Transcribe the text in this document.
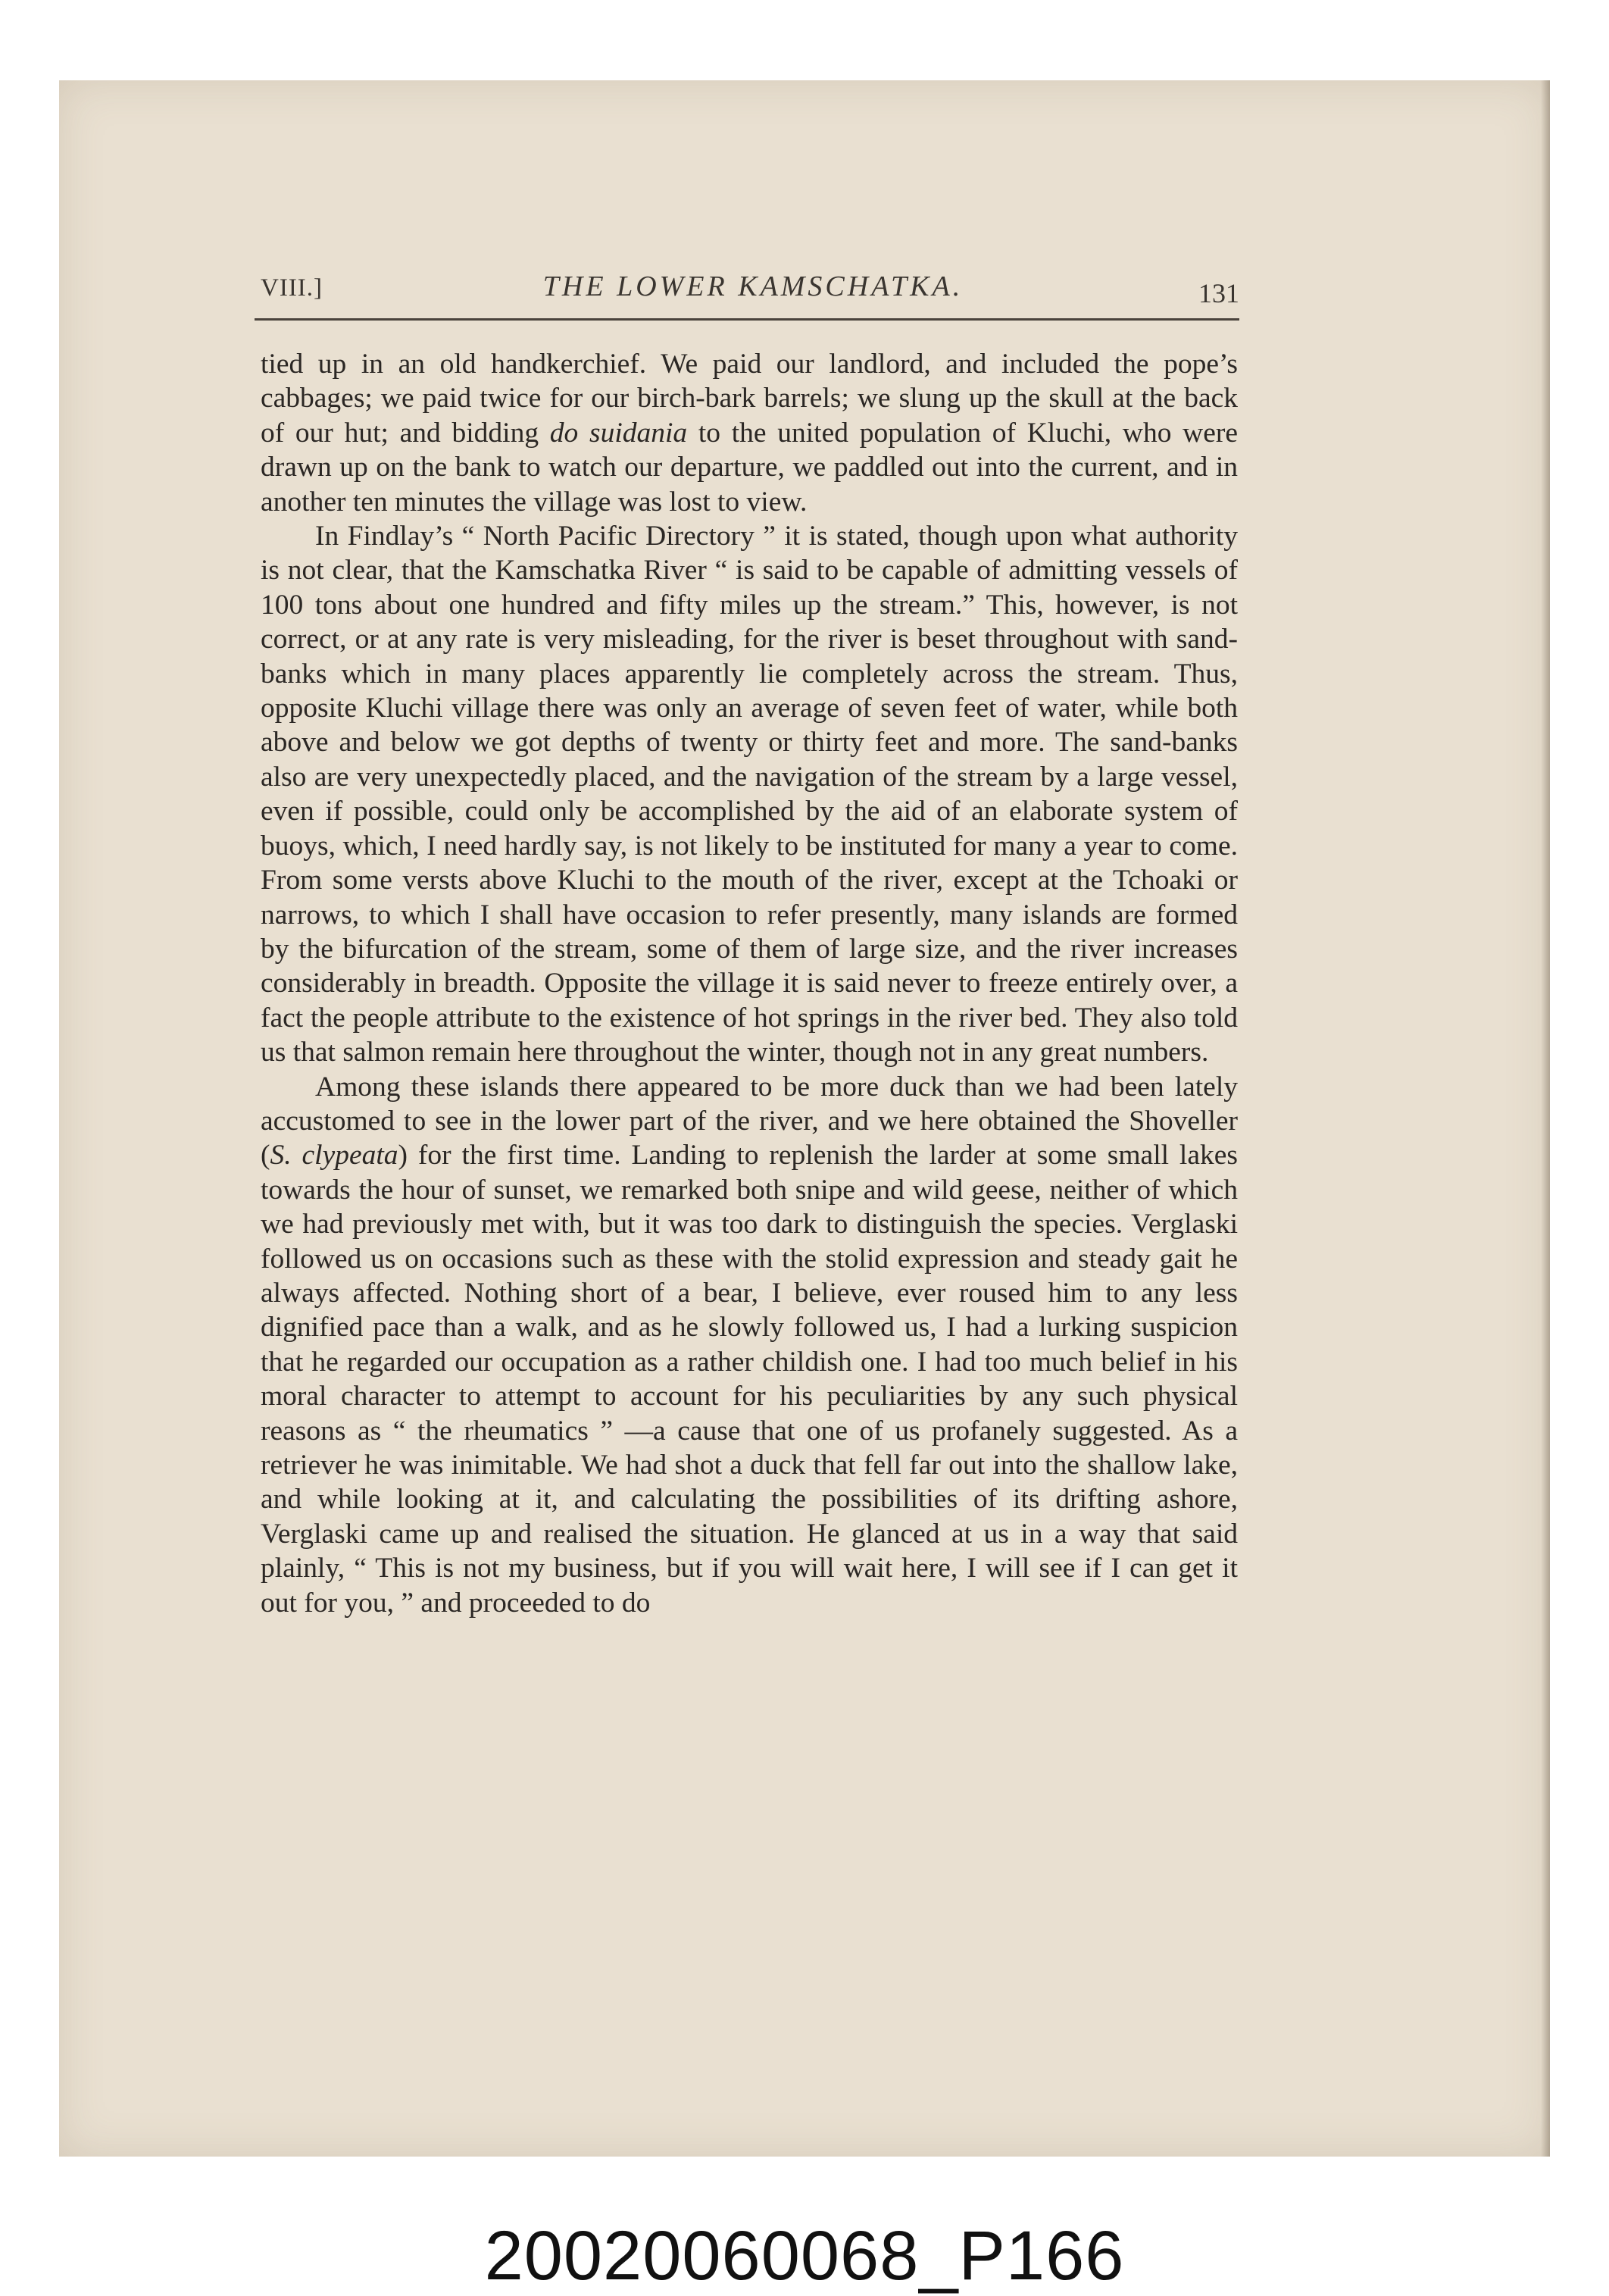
VIII.]	THE LOWER KAMSCHATKA.	131

tied up in an old handkerchief. We paid our landlord, and included the pope’s cabbages; we paid twice for our birch-bark barrels; we slung up the skull at the back of our hut; and bidding do suidania to the united population of Kluchi, who were drawn up on the bank to watch our departure, we paddled out into the current, and in another ten minutes the village was lost to view.

In Findlay’s “ North Pacific Directory ” it is stated, though upon what authority is not clear, that the Kamschatka River “ is said to be capable of admitting vessels of 100 tons about one hundred and fifty miles up the stream.” This, however, is not correct, or at any rate is very misleading, for the river is beset throughout with sand-banks which in many places apparently lie completely across the stream. Thus, opposite Kluchi village there was only an average of seven feet of water, while both above and below we got depths of twenty or thirty feet and more. The sand-banks also are very unexpectedly placed, and the navigation of the stream by a large vessel, even if possible, could only be accomplished by the aid of an elaborate system of buoys, which, I need hardly say, is not likely to be instituted for many a year to come. From some versts above Kluchi to the mouth of the river, except at the Tchoaki or narrows, to which I shall have occasion to refer presently, many islands are formed by the bifurcation of the stream, some of them of large size, and the river increases considerably in breadth. Opposite the village it is said never to freeze entirely over, a fact the people attribute to the existence of hot springs in the river bed. They also told us that salmon remain here throughout the winter, though not in any great numbers.

Among these islands there appeared to be more duck than we had been lately accustomed to see in the lower part of the river, and we here obtained the Shoveller (S. clypeata) for the first time. Landing to replenish the larder at some small lakes towards the hour of sunset, we remarked both snipe and wild geese, neither of which we had previously met with, but it was too dark to distinguish the species. Verglaski followed us on occasions such as these with the stolid expression and steady gait he always affected. Nothing short of a bear, I believe, ever roused him to any less dignified pace than a walk, and as he slowly followed us, I had a lurking suspicion that he regarded our occupation as a rather childish one. I had too much belief in his moral character to attempt to account for his peculiarities by any such physical reasons as “ the rheumatics ” —a cause that one of us profanely suggested. As a retriever he was inimitable. We had shot a duck that fell far out into the shallow lake, and while looking at it, and calculating the possibilities of its drifting ashore, Verglaski came up and realised the situation. He glanced at us in a way that said plainly, “ This is not my business, but if you will wait here, I will see if I can get it out for you, ” and proceeded to do

20020060068_P166
